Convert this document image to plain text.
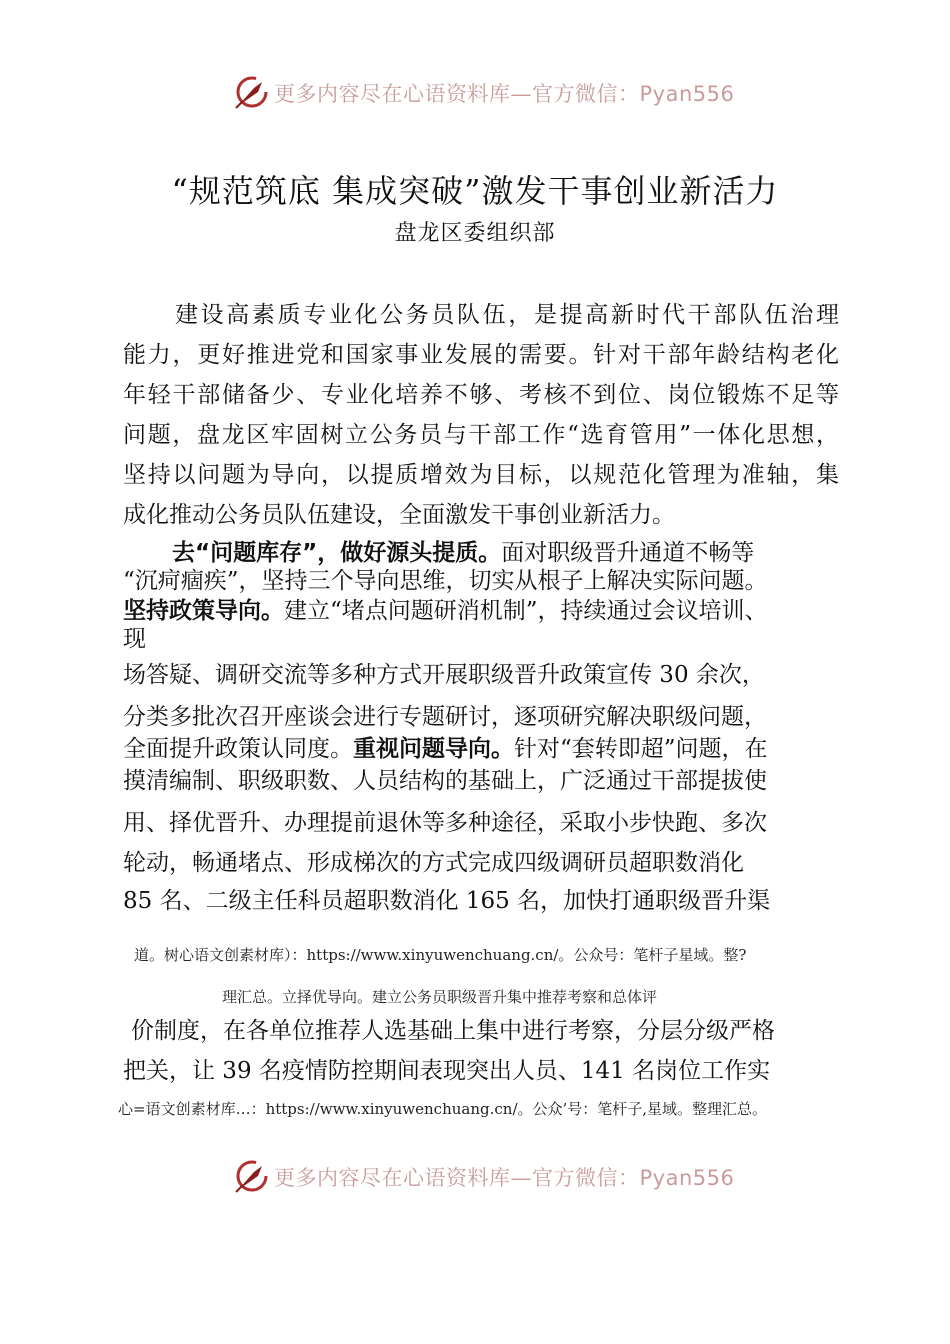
更多内容尽在心语资料库—官方微信：Pyan556
“规范筑底 集成突破”激发干事创业新活力
盘龙区委组织部
建设高素质专业化公务员队伍，是提高新时代干部队伍治理
能力，更好推进党和国家事业发展的需要。针对干部年龄结构老化
年轻干部储备少、专业化培养不够、考核不到位、岗位锻炼不足等
问题，盘龙区牢固树立公务员与干部工作“选育管用”一体化思想，
坚持以问题为导向，以提质增效为目标，以规范化管理为准轴，集
成化推动公务员队伍建设，全面激发干事创业新活力。
去“问题库存”，做好源头提质。面对职级晋升通道不畅等
“沉疴痼疾”，坚持三个导向思维，切实从根子上解决实际问题。
坚持政策导向。建立“堵点问题研消机制”，持续通过会议培训、
现
场答疑、调研交流等多种方式开展职级晋升政策宣传 30 余次，
分类多批次召开座谈会进行专题研讨，逐项研究解决职级问题，
全面提升政策认同度。重视问题导向。针对“套转即超”问题，在
摸清编制、职级职数、人员结构的基础上，广泛通过干部提拔使
用、择优晋升、办理提前退休等多种途径，采取小步快跑、多次
轮动，畅通堵点、形成梯次的方式完成四级调研员超职数消化
85 名、二级主任科员超职数消化 165 名，加快打通职级晋升渠
道。树心语文创素材库）：https://www.xinyuwenchuang.cn/。公众号：笔杆子星域。整?
理汇总。立择优导向。建立公务员职级晋升集中推荐考察和总体评
价制度，在各单位推荐人选基础上集中进行考察，分层分级严格
把关，让 39 名疫情防控期间表现突出人员、141 名岗位工作实
心=语文创素材库…：https://www.xinyuwenchuang.cn/。公众’号：笔杆子,星域。整理汇总。
更多内容尽在心语资料库—官方微信：Pyan556
